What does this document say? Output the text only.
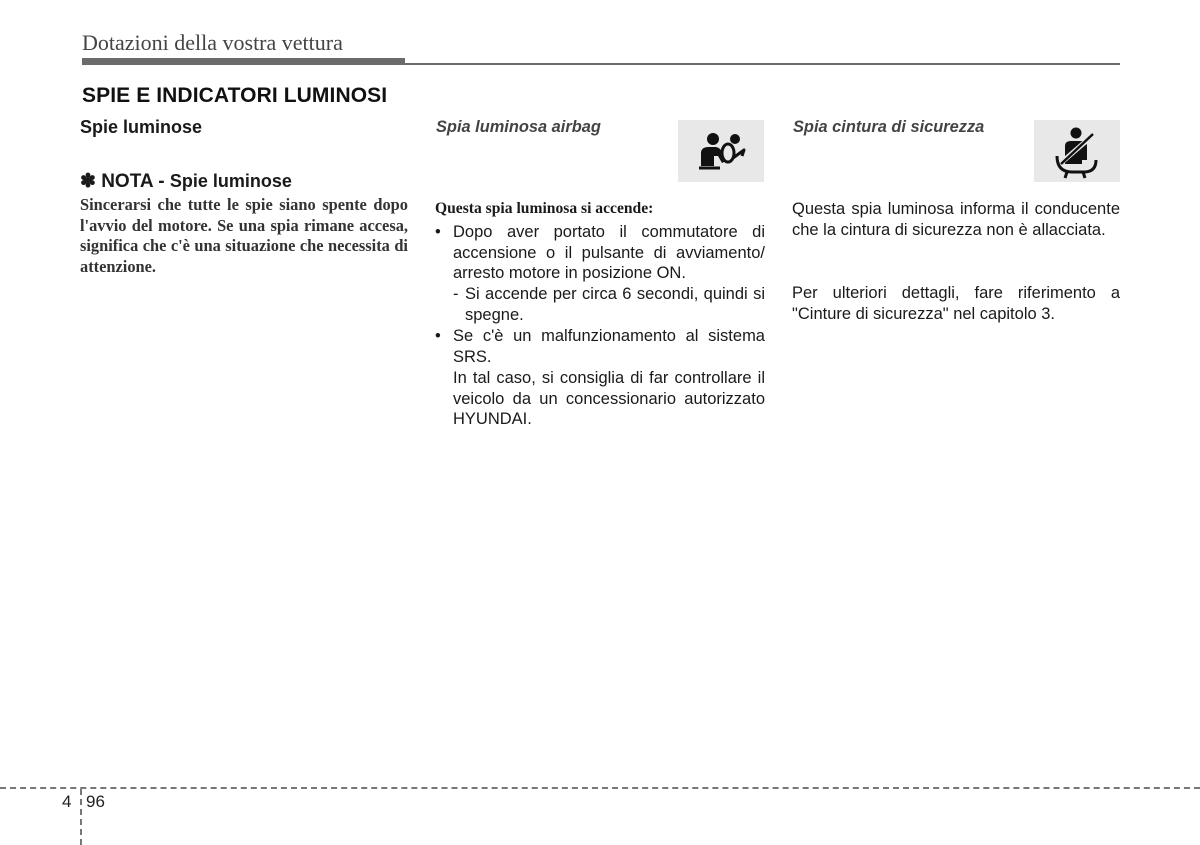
Dotazioni della vostra vettura
SPIE E INDICATORI LUMINOSI
Spie luminose
✽ NOTA - Spie luminose
Sincerarsi che tutte le spie siano spente dopo l'avvio del motore. Se una spia rimane accesa, significa che c'è una situazione che necessita di attenzione.
Spia luminosa airbag
Questa spia luminosa si accende:
• Dopo aver portato il commutatore di accensione o il pulsante di avviamento/ arresto motore in posizione ON.
- Si accende per circa 6 secondi, quindi si spegne.
• Se c'è un malfunzionamento al sistema SRS.
In tal caso, si consiglia di far controllare il veicolo da un concessionario autorizzato HYUNDAI.
Spia cintura di sicurezza
Questa spia luminosa informa il conducente che la cintura di sicurezza non è allacciata.
Per ulteriori dettagli, fare riferimento a "Cinture di sicurezza" nel capitolo 3.
4 96
